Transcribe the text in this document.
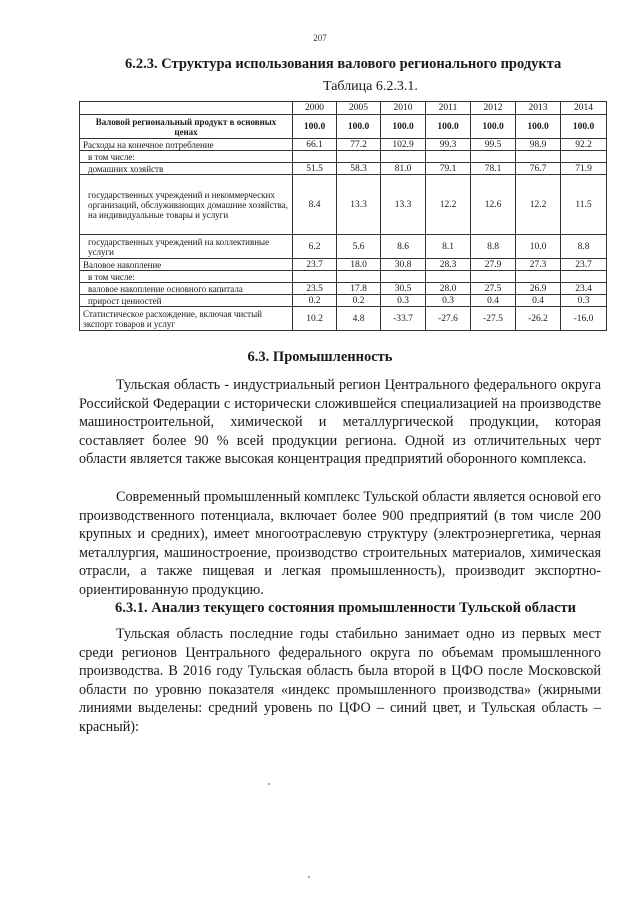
207
6.2.3. Структура использования валового регионального продукта
Таблица 6.2.3.1.
	2000	2005	2010	2011	2012	2013	2014
Валовой региональный продукт в основных ценах	100.0	100.0	100.0	100.0	100.0	100.0	100.0
Расходы на конечное потребление	66.1	77.2	102.9	99.3	99.5	98.9	92.2
в том числе:							
домашних хозяйств	51.5	58.3	81.0	79.1	78.1	76.7	71.9
государственных учреждений и некоммерческих организаций, обслуживающих домашние хозяйства, на индивидуальные товары и услуги	8.4	13.3	13.3	12.2	12.6	12.2	11.5
государственных учреждений на коллективные услуги	6.2	5.6	8.6	8.1	8.8	10.0	8.8
Валовое накопление	23.7	18.0	30.8	28.3	27.9	27.3	23.7
в том числе:							
валовое накопление основного капитала	23.5	17.8	30.5	28.0	27.5	26.9	23.4
прирост ценностей	0.2	0.2	0.3	0.3	0.4	0.4	0.3
Статистическое расхождение, включая чистый экспорт товаров и услуг	10.2	4.8	-33.7	-27.6	-27.5	-26.2	-16.0
6.3. Промышленность
Тульская область - индустриальный регион Центрального федерального округа Российской Федерации с исторически сложившейся специализацией на производстве машиностроительной, химической и металлургической продукции, которая составляет более 90 % всей продукции региона. Одной из отличительных черт области является также высокая концентрация предприятий оборонного комплекса.
Современный промышленный комплекс Тульской области является основой его производственного потенциала, включает более 900 предприятий (в том числе 200 крупных и средних), имеет многоотраслевую структуру (электроэнергетика, черная металлургия, машиностроение, производство строительных материалов, химическая отрасли, а также пищевая и легкая промышленность), производит экспортно-ориентированную продукцию.
6.3.1. Анализ текущего состояния промышленности Тульской области
Тульская область последние годы стабильно занимает одно из первых мест среди регионов Центрального федерального округа по объемам промышленного производства. В 2016 году Тульская область была второй в ЦФО после Московской области по уровню показателя «индекс промышленного производства» (жирными линиями выделены: средний уровень по ЦФО – синий цвет, и Тульская область – красный):
